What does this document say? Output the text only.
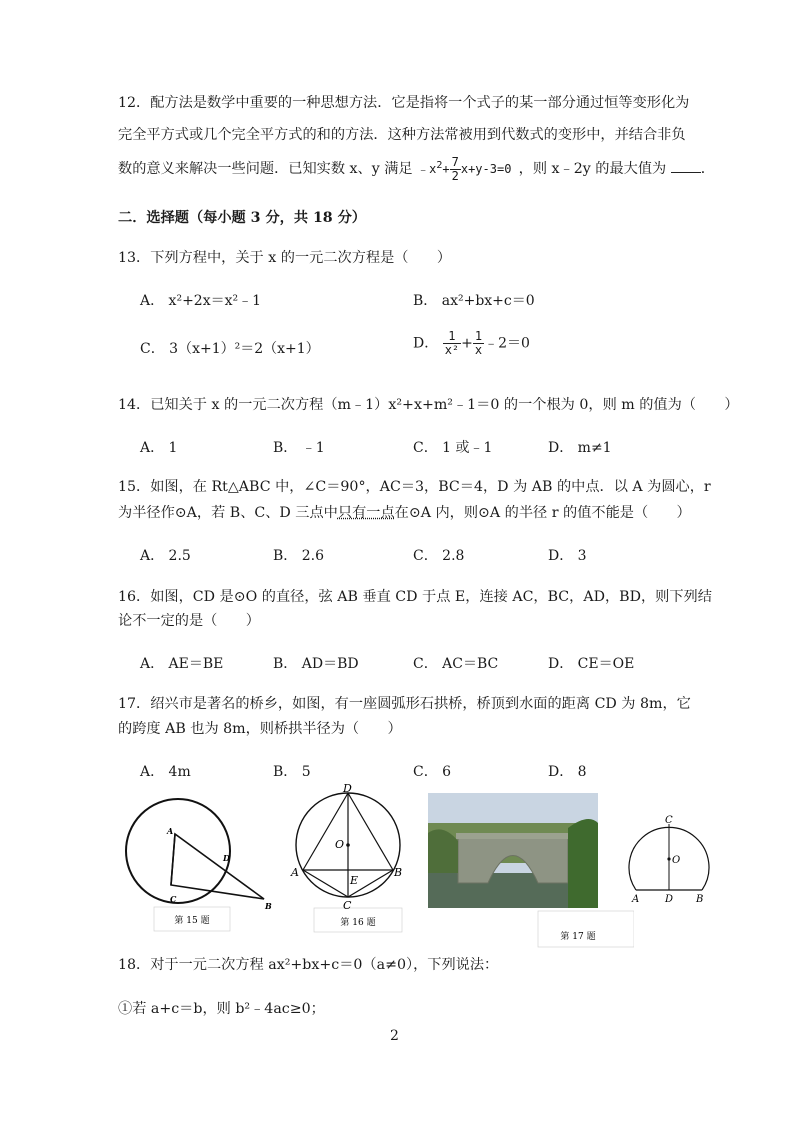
12．配方法是数学中重要的一种思想方法．它是指将一个式子的某一部分通过恒等变形化为
完全平方式或几个完全平方式的和的方法．这种方法常被用到代数式的变形中，并结合非负
数的意义来解决一些问题．已知实数 x、y 满足 $﹣x^2+ \frac{7}{2} x+y-3=0$ ，则 x﹣2y 的最大值为 ．
二．选择题（每小题 3 分，共 18 分）
13．下列方程中，关于 x 的一元二次方程是（　　）
A． x²+2x＝x²﹣1	B． ax²+bx+c＝0
C． 3（x+1）²＝2（x+1）	D． $\frac{1}{\text{x²}} + \frac{1}{x}$ ﹣2＝0
14．已知关于 x 的一元二次方程（m﹣1）x²+x+m²﹣1＝0 的一个根为 0，则 m 的值为（　　）
A． 1	B． ﹣1	C． 1 或﹣1	D． m≠1
15．如图，在 Rt△ABC 中，∠C＝90°，AC＝3，BC＝4，D 为 AB 的中点．以 A 为圆心，r
为半径作⊙A，若 B、C、D 三点中只有一点在⊙A 内，则⊙A 的半径 r 的值不能是（　　）
A． 2.5	B． 2.6	C． 2.8	D． 3
16．如图，CD 是⊙O 的直径，弦 AB 垂直 CD 于点 E，连接 AC，BC，AD，BD，则下列结
论不一定的是（　　）
A． AE＝BE	B． AD＝BD	C． AC＝BC	D． CE＝OE
17．绍兴市是著名的桥乡，如图，有一座圆弧形石拱桥，桥顶到水面的距离 CD 为 8m，它
的跨度 AB 也为 8m，则桥拱半径为（　　）
A． 4m	B． 5	C． 6	D． 8
A
D
C
B
第 15 题
D
O
A	B
E
C
第 16 题
第 17 题
C
O
A	D B
18．对于一元二次方程 ax²+bx+c＝0（a≠0），下列说法：
①若 a+c＝b，则 b²﹣4ac≥0；
2
